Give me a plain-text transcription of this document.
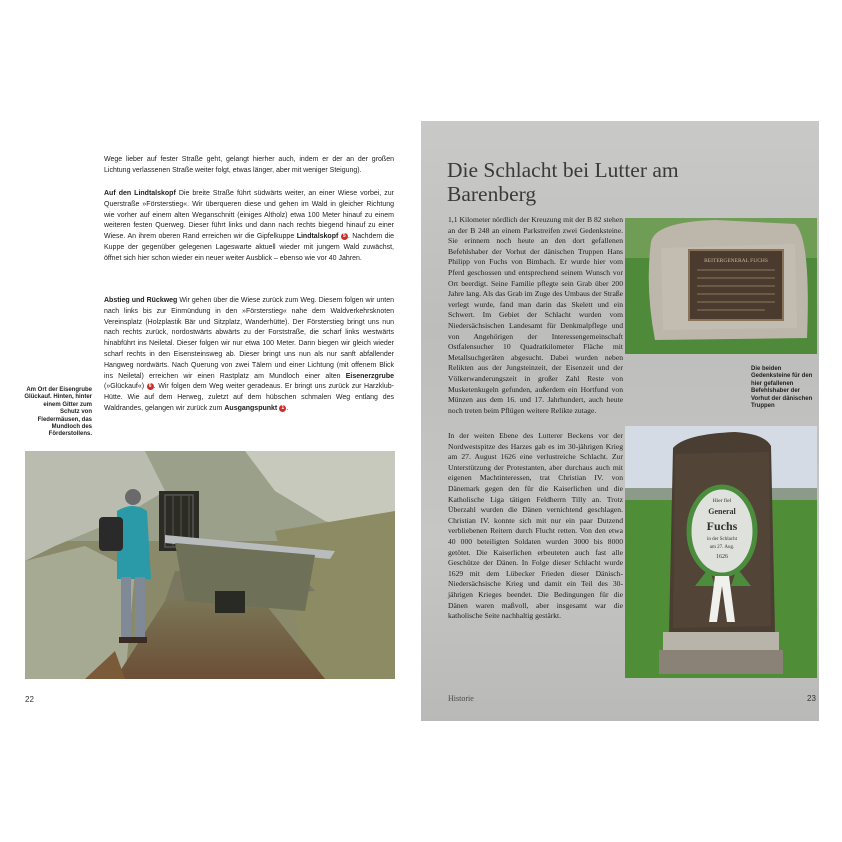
Wege lieber auf fester Straße geht, gelangt hierher auch, indem er der an der großen Lichtung verlassenen Straße weiter folgt, etwas länger, aber mit weniger Steigung).
Auf den Lindtalskopf Die breite Straße führt südwärts weiter, an einer Wiese vorbei, zur Querstraße »Försterstieg«. Wir überqueren diese und gehen im Wald in gleicher Richtung wie vorher auf einem alten Weganschnitt (einiges Altholz) etwa 100 Meter hinauf zu einem weiteren festen Querweg. Dieser führt links und dann nach rechts biegend hinauf zu einer Wiese. An ihrem oberen Rand erreichen wir die Gipfelkuppe Lindtalskopf 5 . Nachdem die Kuppe der gegenüber gelegenen Lageswarte aktuell wieder mit jungem Wald zuwächst, öffnet sich hier schon wieder ein neuer weiter Ausblick – ebenso wie vor 40 Jahren.
Abstieg und Rückweg Wir gehen über die Wiese zurück zum Weg. Diesem folgen wir unten nach links bis zur Einmündung in den »Försterstieg« nahe dem Waldverkehrsknoten Vereinsplatz (Holzplastik Bär und Sitzplatz, Wanderhütte). Der Försterstieg bringt uns nun nach rechts zurück, nordostwärts abwärts zu der Forststraße, die scharf links westwärts hinabführt ins Neiletal. Dieser folgen wir nur etwa 100 Meter. Dann biegen wir gleich wieder scharf rechts in den Eisensteinsweg ab. Dieser bringt uns nun als nur sanft abfallender Hangweg nordwärts. Nach Querung von zwei Tälern und einer Lichtung (mit offenem Blick ins Neiletal) erreichen wir einen Rastplatz am Mundloch einer alten Eisenerzgrube (»Glückauf«) 6 . Wir folgen dem Weg weiter geradeaus. Er bringt uns zurück zur Harzklub-Hütte. Wie auf dem Herweg, zuletzt auf dem hübschen schmalen Weg entlang des Waldrandes, gelangen wir zurück zum Ausgangspunkt 1 .
Am Ort der Eisengrube Glückauf. Hinten, hinter einem Gitter zum Schutz von Fledermäusen, das Mundloch des Förderstollens.
22
Die Schlacht bei Lutter am Barenberg
1,1 Kilometer nördlich der Kreuzung mit der B 82 stehen an der B 248 an einem Parkstreifen zwei Gedenksteine. Sie erinnern noch heute an den dort gefallenen Befehlshaber der Vorhut der dänischen Truppen Hans Philipp von Fuchs von Bimbach. Er wurde hier vom Pferd geschossen und entsprechend seinem Wunsch vor Ort beerdigt. Seine Familie pflegte sein Grab über 200 Jahre lang. Als das Grab im Zuge des Umbaus der Straße verlegt wurde, fand man darin das Skelett und ein Schwert. Im Gebiet der Schlacht wurden vom Niedersächsischen Landesamt für Denkmalpflege und von Angehörigen der Interessengemeinschaft Ostfalensucher 10 Quadratkilometer Fläche mit Metallsuchgeräten abgesucht. Dabei wurden neben Relikten aus der Jungsteinzeit, der Eisenzeit und der Völkerwanderungszeit in großer Zahl Reste von Musketenkugeln gefunden, außerdem ein Hortfund von Münzen aus dem 16. und 17. Jahrhundert, auch heute noch treten beim Pflügen weitere Relikte zutage.
REITERGENERAL FUCHS
Die beiden Gedenksteine für den hier gefallenen Befehlshaber der Vorhut der dänischen Truppen
In der weiten Ebene des Lutterer Beckens vor der Nordwestspitze des Harzes gab es im 30-jährigen Krieg am 27. August 1626 eine verlustreiche Schlacht. Zur Unterstützung der Protestanten, aber durchaus auch mit eigenen Machtinteressen, trat Christian IV. von Dänemark gegen den für die Kaiserlichen und die Katholische Liga tätigen Feldherrn Tilly an. Trotz Überzahl wurden die Dänen vernichtend geschlagen. Christian IV. konnte sich mit nur ein paar Dutzend verbliebenen Reitern durch Flucht retten. Von den etwa 40 000 beteiligten Soldaten wurden 3000 bis 8000 getötet. Die Kaiserlichen erbeuteten auch fast alle Geschütze der Dänen. In Folge dieser Schlacht wurde 1629 mit dem Lübecker Frieden dieser Dänisch-Niedersächsische Krieg und damit ein Teil des 30-jährigen Krieges beendet. Die Bedingungen für die Dänen waren maßvoll, aber insgesamt war die katholische Seite nachhaltig gestärkt.
Hier fiel
General
Fuchs
in der Schlacht
am 27. Aug.
1626
Historie	23
